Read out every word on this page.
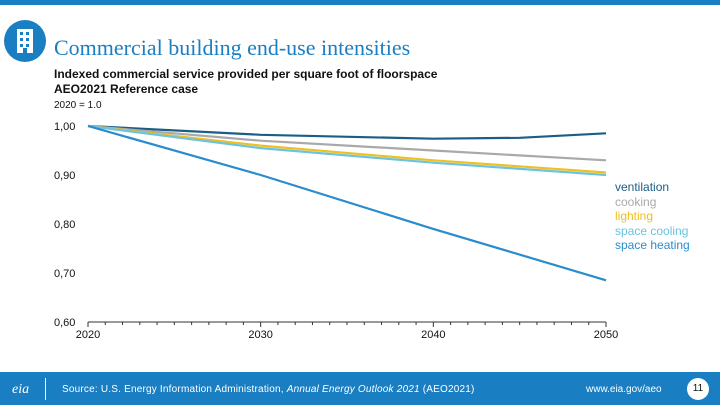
Commercial building end-use intensities
Indexed commercial service provided per square foot of floorspace
AEO2021 Reference case
2020 = 1.0
2020	2030	2040	2050
1,00
0,90
0,80
0,70
0,60
ventilation
cooking
lighting
space cooling
space heating
eia	Source: U.S. Energy Information Administration, Annual Energy Outlook 2021 (AEO2021)	www.eia.gov/aeo	11
